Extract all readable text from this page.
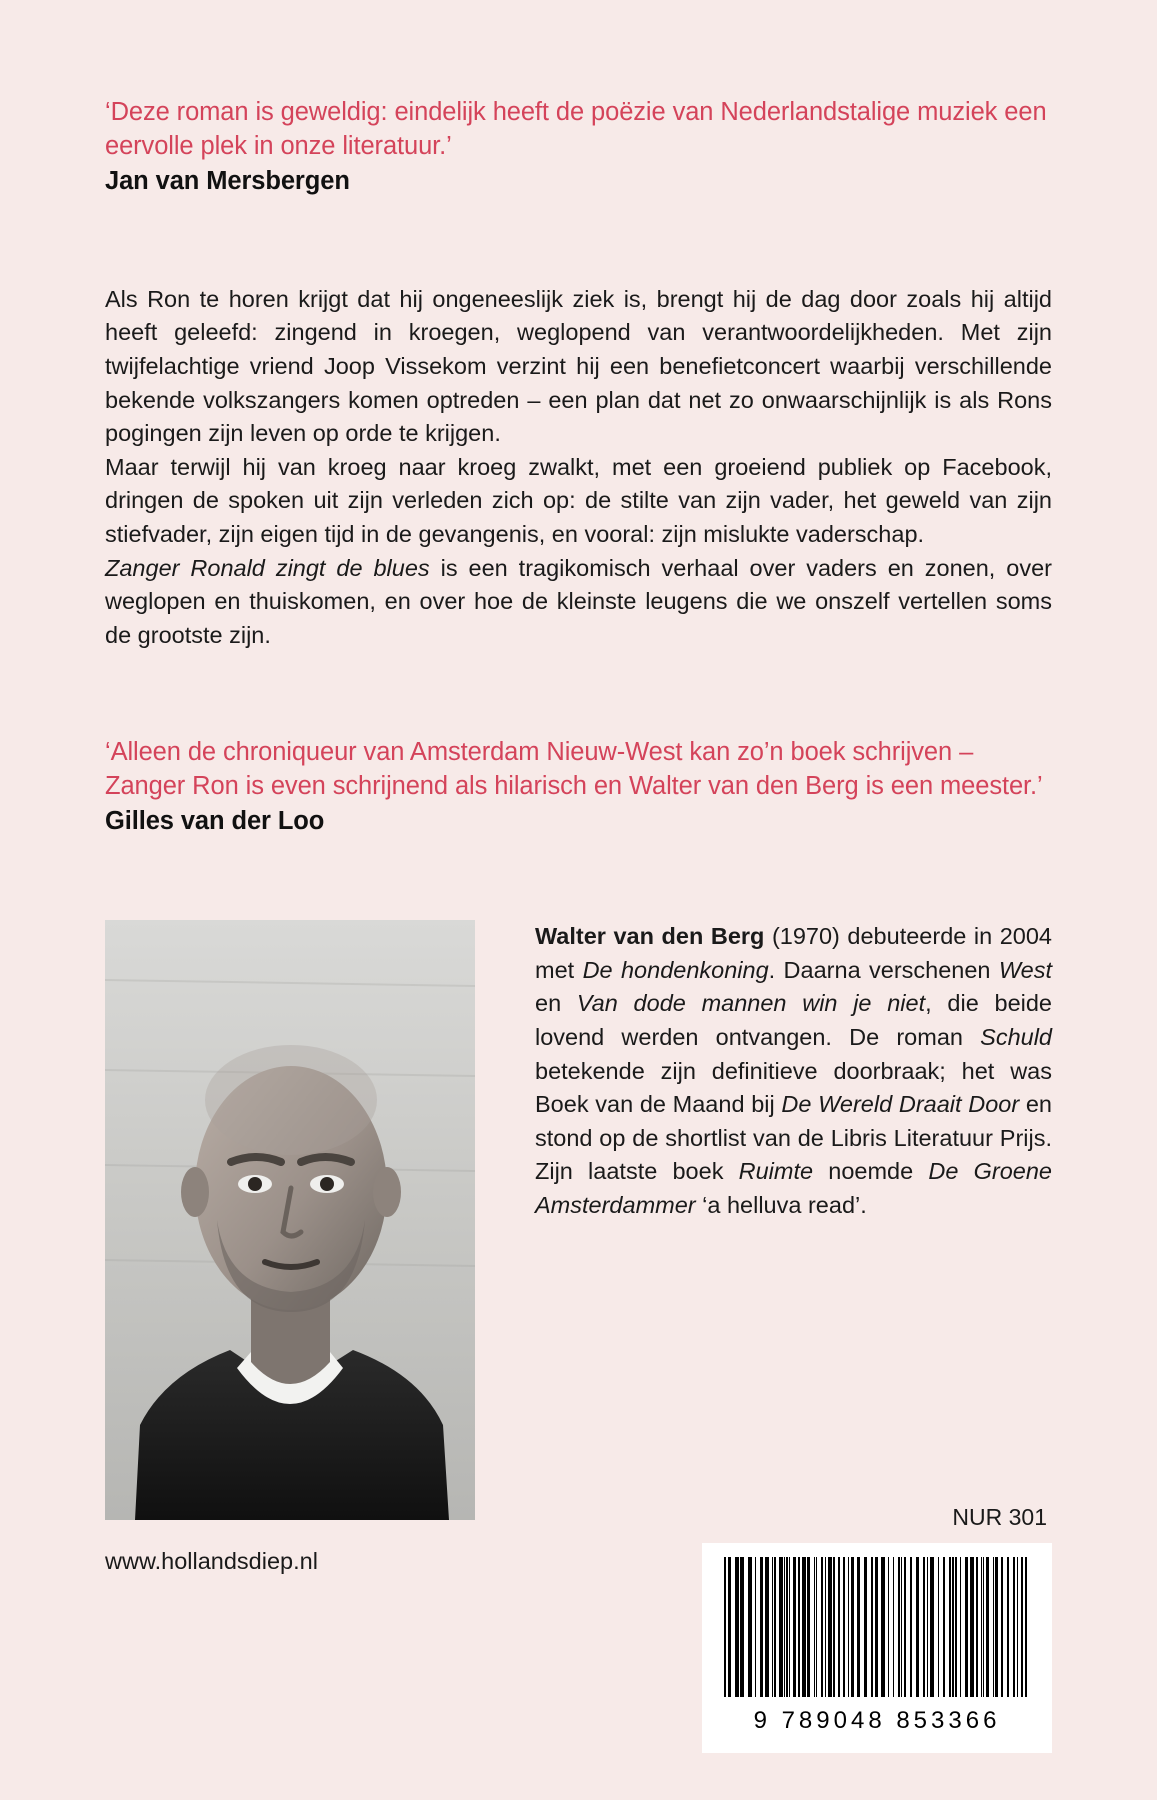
‘Deze roman is geweldig: eindelijk heeft de poëzie van Nederlandstalige muziek een eervolle plek in onze literatuur.’

Jan van Mersbergen

Als Ron te horen krijgt dat hij ongeneeslijk ziek is, brengt hij de dag door zoals hij altijd heeft geleefd: zingend in kroegen, weglopend van verantwoordelijkheden. Met zijn twijfelachtige vriend Joop Vissekom verzint hij een benefietconcert waarbij verschillende bekende volkszangers komen optreden – een plan dat net zo onwaarschijnlijk is als Rons pogingen zijn leven op orde te krijgen.

Maar terwijl hij van kroeg naar kroeg zwalkt, met een groeiend publiek op Facebook, dringen de spoken uit zijn verleden zich op: de stilte van zijn vader, het geweld van zijn stiefvader, zijn eigen tijd in de gevangenis, en vooral: zijn mislukte vaderschap.

Zanger Ronald zingt de blues is een tragikomisch verhaal over vaders en zonen, over weglopen en thuiskomen, en over hoe de kleinste leugens die we onszelf vertellen soms de grootste zijn.

‘Alleen de chroniqueur van Amsterdam Nieuw-West kan zo’n boek schrijven – Zanger Ron is even schrijnend als hilarisch en Walter van den Berg is een meester.’

Gilles van der Loo

www.hollandsdiep.nl
Walter van den Berg (1970) debuteerde in 2004 met De hondenkoning. Daarna verschenen West en Van dode mannen win je niet, die beide lovend werden ontvangen. De roman Schuld betekende zijn definitieve doorbraak; het was Boek van de Maand bij De Wereld Draait Door en stond op de shortlist van de Libris Literatuur Prijs. Zijn laatste boek Ruimte noemde De Groene Amsterdammer ‘a helluva read’.
NUR 301
9 789048 853366
